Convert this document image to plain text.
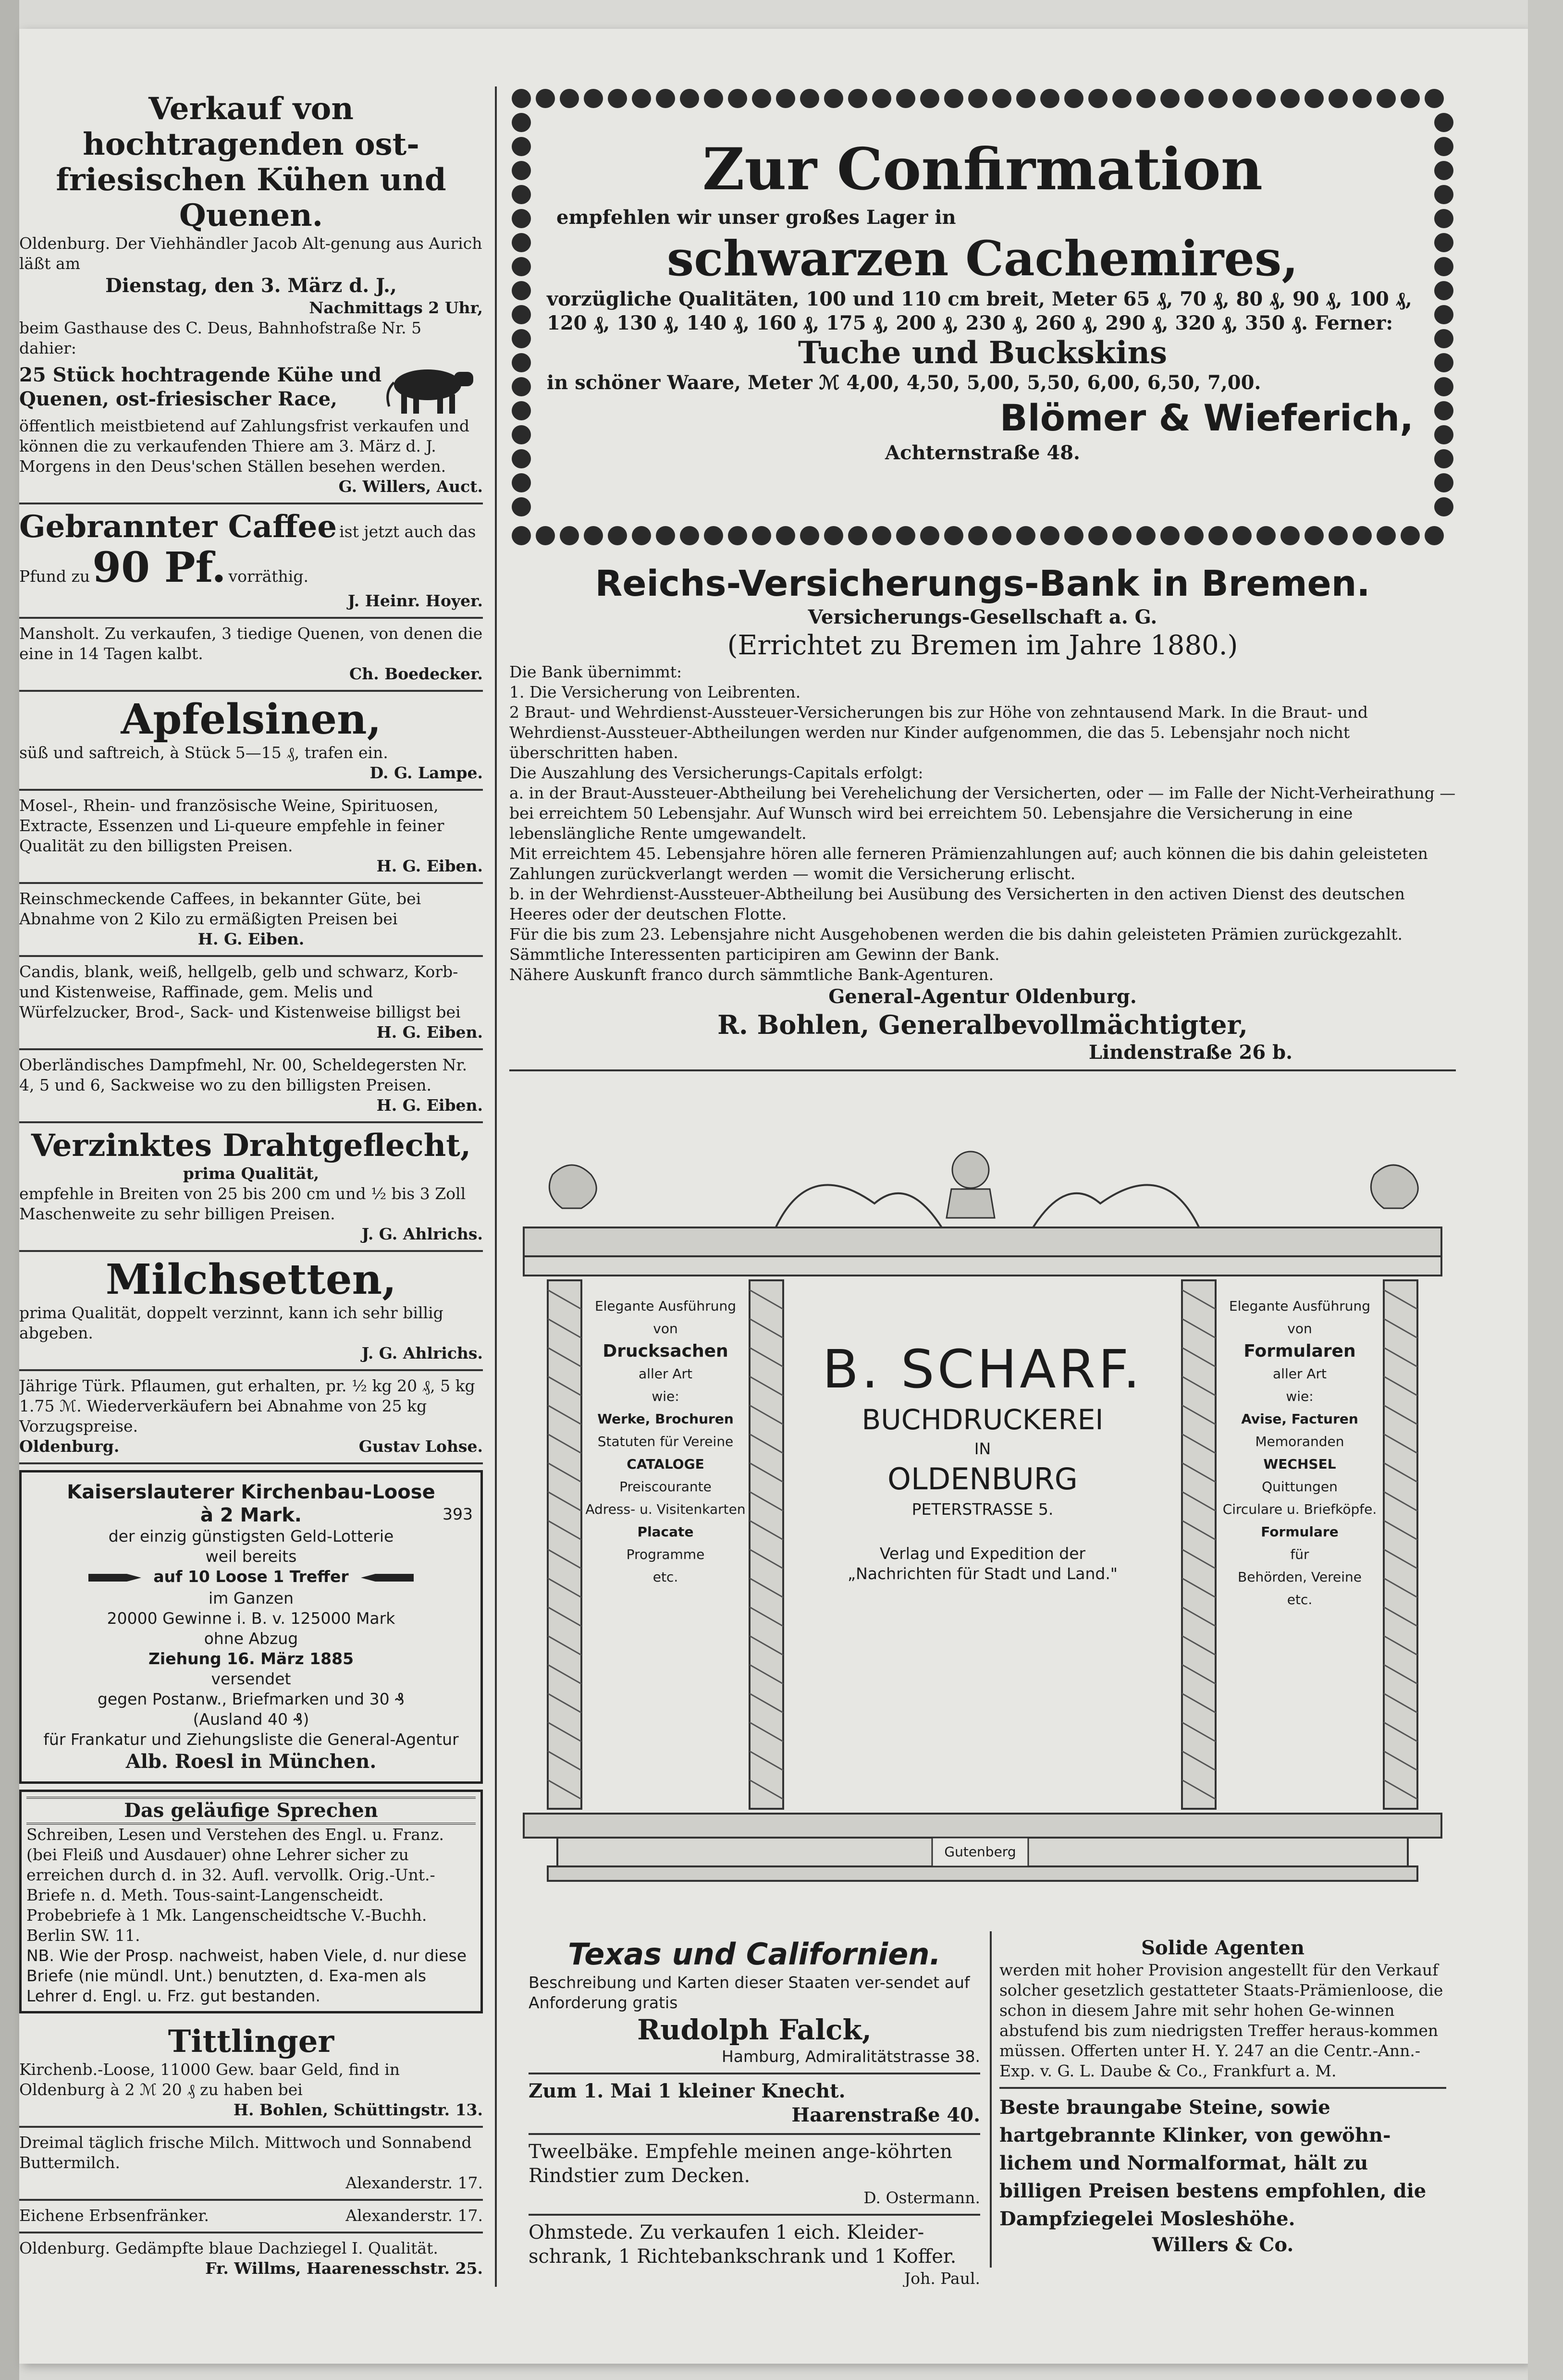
Verkauf von hochtragenden ost-friesischen Kühen und Quenen.
Oldenburg. Der Viehhändler Jacob Alt-genung aus Aurich läßt am
Dienstag, den 3. März d. J.,
Nachmittags 2 Uhr,
beim Gasthause des C. Deus, Bahnhofstraße Nr. 5 dahier:
25 Stück hochtragende Kühe und Quenen, ost-friesischer Race,
öffentlich meistbietend auf Zahlungsfrist verkaufen und können die zu verkaufenden Thiere am 3. März d. J. Morgens in den Deus'schen Ställen besehen werden.
G. Willers, Auct.
Gebrannter Caffee ist jetzt auch das
Pfund zu 90 Pf. vorräthig.
J. Heinr. Hoyer.
Mansholt. Zu verkaufen, 3 tiedige Quenen, von denen die eine in 14 Tagen kalbt.
Ch. Boedecker.
Apfelsinen,
süß und saftreich, à Stück 5—15 ₰, trafen ein.
D. G. Lampe.
Mosel-, Rhein- und französische Weine, Spirituosen, Extracte, Essenzen und Li-queure empfehle in feiner Qualität zu den billigsten Preisen.
H. G. Eiben.
Reinschmeckende Caffees, in bekannter Güte, bei Abnahme von 2 Kilo zu ermäßigten Preisen bei
H. G. Eiben.
Candis, blank, weiß, hellgelb, gelb und schwarz, Korb- und Kistenweise, Raffinade, gem. Melis und Würfelzucker, Brod-, Sack- und Kistenweise billigst bei
H. G. Eiben.
Oberländisches Dampfmehl, Nr. 00, Scheldegersten Nr. 4, 5 und 6, Sackweise wo zu den billigsten Preisen.
H. G. Eiben.
Verzinktes Drahtgeflecht,
prima Qualität,
empfehle in Breiten von 25 bis 200 cm und ½ bis 3 Zoll Maschenweite zu sehr billigen Preisen.
J. G. Ahlrichs.
Milchsetten,
prima Qualität, doppelt verzinnt, kann ich sehr billig abgeben.
J. G. Ahlrichs.
Jährige Türk. Pflaumen, gut erhalten, pr. ½ kg 20 ₰, 5 kg 1.75 ℳ. Wiederverkäufern bei Abnahme von 25 kg Vorzugspreise.
Oldenburg.	Gustav Lohse.
Kaiserslauterer Kirchenbau-Loose
à 2 Mark.	393
der einzig günstigsten Geld-Lotterie
weil bereits
auf 10 Loose 1 Treffer
im Ganzen
20000 Gewinne i. B. v. 125000 Mark
ohne Abzug
Ziehung 16. März 1885
versendet
gegen Postanw., Briefmarken und 30 ₰
(Ausland 40 ₰)
für Frankatur und Ziehungsliste die General-Agentur
Alb. Roesl in München.
Das geläufige Sprechen
Schreiben, Lesen und Verstehen des Engl. u. Franz. (bei Fleiß und Ausdauer) ohne Lehrer sicher zu erreichen durch d. in 32. Aufl. vervollk. Orig.-Unt.-Briefe n. d. Meth. Tous-saint-Langenscheidt. Probebriefe à 1 Mk. Langenscheidtsche V.-Buchh. Berlin SW. 11.
NB. Wie der Prosp. nachweist, haben Viele, d. nur diese Briefe (nie mündl. Unt.) benutzten, d. Exa-men als Lehrer d. Engl. u. Frz. gut bestanden.
Tittlinger
Kirchenb.-Loose, 11000 Gew. baar Geld, find in Oldenburg à 2 ℳ 20 ₰ zu haben bei
H. Bohlen, Schüttingstr. 13.
Dreimal täglich frische Milch. Mittwoch und Sonnabend Buttermilch.
Alexanderstr. 17.
Eichene Erbsenfränker.	Alexanderstr. 17.
Oldenburg. Gedämpfte blaue Dachziegel I. Qualität.
Fr. Willms, Haarenesschstr. 25.
Zur Confirmation
empfehlen wir unser großes Lager in
schwarzen Cachemires,
vorzügliche Qualitäten, 100 und 110 cm breit, Meter 65 ₰, 70 ₰, 80 ₰, 90 ₰, 100 ₰, 120 ₰, 130 ₰, 140 ₰, 160 ₰, 175 ₰, 200 ₰, 230 ₰, 260 ₰, 290 ₰, 320 ₰, 350 ₰. Ferner:
Tuche und Buckskins
in schöner Waare, Meter ℳ 4,00, 4,50, 5,00, 5,50, 6,00, 6,50, 7,00.
Blömer & Wieferich,
Achternstraße 48.
Reichs-Versicherungs-Bank in Bremen.
Versicherungs-Gesellschaft a. G.
(Errichtet zu Bremen im Jahre 1880.)
Die Bank übernimmt:
1. Die Versicherung von Leibrenten.
2 Braut- und Wehrdienst-Aussteuer-Versicherungen bis zur Höhe von zehntausend Mark. In die Braut- und Wehrdienst-Aussteuer-Abtheilungen werden nur Kinder aufgenommen, die das 5. Lebensjahr noch nicht überschritten haben.
Die Auszahlung des Versicherungs-Capitals erfolgt:
a. in der Braut-Aussteuer-Abtheilung bei Verehelichung der Versicherten, oder — im Falle der Nicht-Verheirathung — bei erreichtem 50 Lebensjahr. Auf Wunsch wird bei erreichtem 50. Lebensjahre die Versicherung in eine lebenslängliche Rente umgewandelt.
Mit erreichtem 45. Lebensjahre hören alle ferneren Prämienzahlungen auf; auch können die bis dahin geleisteten Zahlungen zurückverlangt werden — womit die Versicherung erlischt.
b. in der Wehrdienst-Aussteuer-Abtheilung bei Ausübung des Versicherten in den activen Dienst des deutschen Heeres oder der deutschen Flotte.
Für die bis zum 23. Lebensjahre nicht Ausgehobenen werden die bis dahin geleisteten Prämien zurückgezahlt.
Sämmtliche Interessenten participiren am Gewinn der Bank.
Nähere Auskunft franco durch sämmtliche Bank-Agenturen.
General-Agentur Oldenburg.
R. Bohlen, Generalbevollmächtigter,
Lindenstraße 26 b.
B. SCHARF.
BUCHDRUCKEREI
IN
OLDENBURG
PETERSTRASSE 5.
Verlag und Expedition der „Nachrichten für Stadt und Land."
Elegante Ausführung
von
Drucksachen
aller Art
wie:
Werke, Brochuren
Statuten für Vereine
CATALOGE
Preiscourante
Adress- u. Visitenkarten
Placate
Programme
etc.
Elegante Ausführung
von
Formularen
aller Art
wie:
Avise, Facturen
Memoranden
WECHSEL
Quittungen
Circulare u. Briefköpfe.
Formulare
für
Behörden, Vereine
etc.
Gutenberg
Texas und Californien.
Beschreibung und Karten dieser Staaten ver-sendet auf Anforderung gratis
Rudolph Falck,
Hamburg, Admiralitätstrasse 38.
Zum 1. Mai 1 kleiner Knecht.
Haarenstraße 40.
Tweelbäke. Empfehle meinen ange-köhrten Rindstier zum Decken.
D. Ostermann.
Ohmstede. Zu verkaufen 1 eich. Kleider-schrank, 1 Richtebankschrank und 1 Koffer.
Joh. Paul.
Solide Agenten
werden mit hoher Provision angestellt für den Verkauf solcher gesetzlich gestatteter Staats-Prämienloose, die schon in diesem Jahre mit sehr hohen Ge-winnen abstufend bis zum niedrigsten Treffer heraus-kommen müssen. Offerten unter H. Y. 247 an die Centr.-Ann.-Exp. v. G. L. Daube & Co., Frankfurt a. M.
Beste braungabe Steine, sowie hartgebrannte Klinker, von gewöhn-lichem und Normalformat, hält zu billigen Preisen bestens empfohlen, die Dampfziegelei Mosleshöhe.
Willers & Co.
